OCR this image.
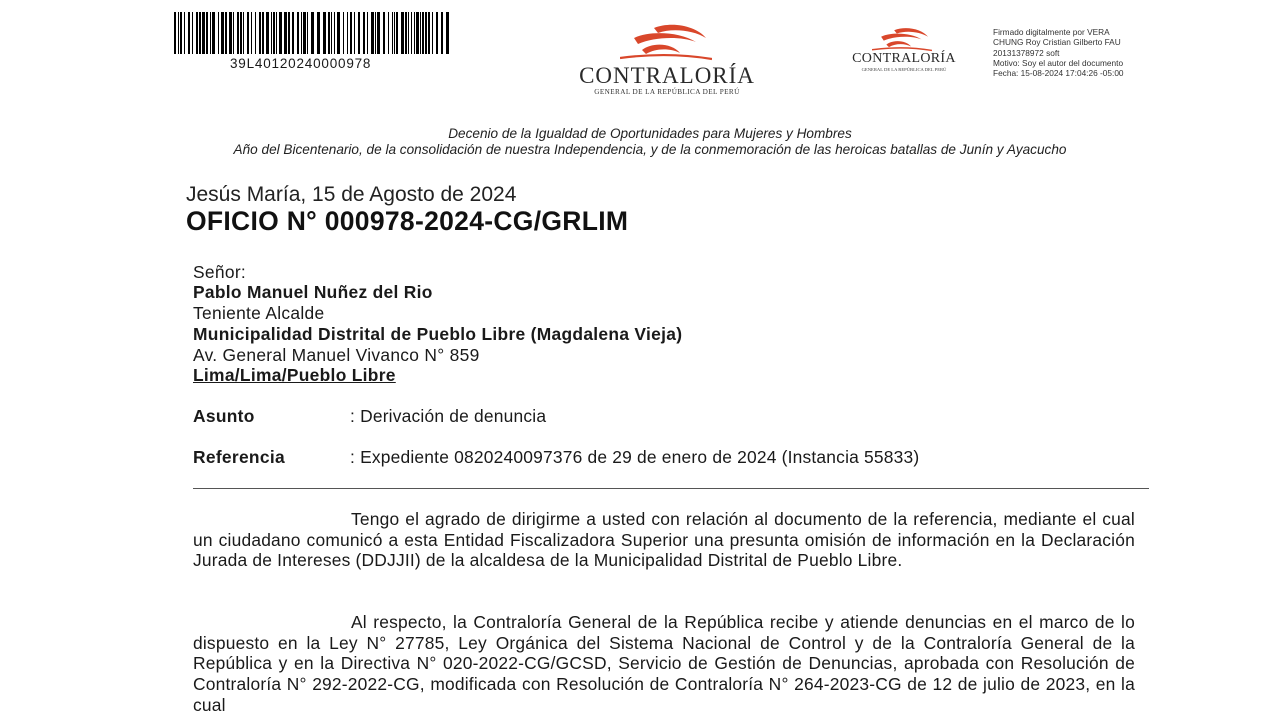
39L40120240000978	CONTRALORÍA
GENERAL DE LA REPÚBLICA DEL PERÚ
CONTRALORÍA
GENERAL DE LA REPÚBLICA DEL PERÚ
Firmado digitalmente por VERA
CHUNG Roy Cristian Gilberto FAU
20131378972 soft
Motivo: Soy el autor del documento
Fecha: 15-08-2024 17:04:26 -05:00
Decenio de la Igualdad de Oportunidades para Mujeres y Hombres
Año del Bicentenario, de la consolidación de nuestra Independencia, y de la conmemoración de las heroicas batallas de Junín y Ayacucho
Jesús María, 15 de Agosto de 2024
OFICIO N° 000978-2024-CG/GRLIM
Señor:
Pablo Manuel Nuñez del Rio
Teniente Alcalde
Municipalidad Distrital de Pueblo Libre (Magdalena Vieja)
Av. General Manuel Vivanco N° 859
Lima/Lima/Pueblo Libre
Asunto	: Derivación de denuncia
Referencia	: Expediente 0820240097376 de 29 de enero de 2024 (Instancia 55833)
Tengo el agrado de dirigirme a usted con relación al documento de la referencia, mediante el cual un ciudadano comunicó a esta Entidad Fiscalizadora Superior una presunta omisión de información en la Declaración Jurada de Intereses (DDJJII) de la alcaldesa de la Municipalidad Distrital de Pueblo Libre.
Al respecto, la Contraloría General de la República recibe y atiende denuncias en el marco de lo dispuesto en la Ley N° 27785, Ley Orgánica del Sistema Nacional de Control y de la Contraloría General de la República y en la Directiva N° 020-2022-CG/GCSD, Servicio de Gestión de Denuncias, aprobada con Resolución de Contraloría N° 292-2022-CG, modificada con Resolución de Contraloría N° 264-2023-CG de 12 de julio de 2023, en la cual
